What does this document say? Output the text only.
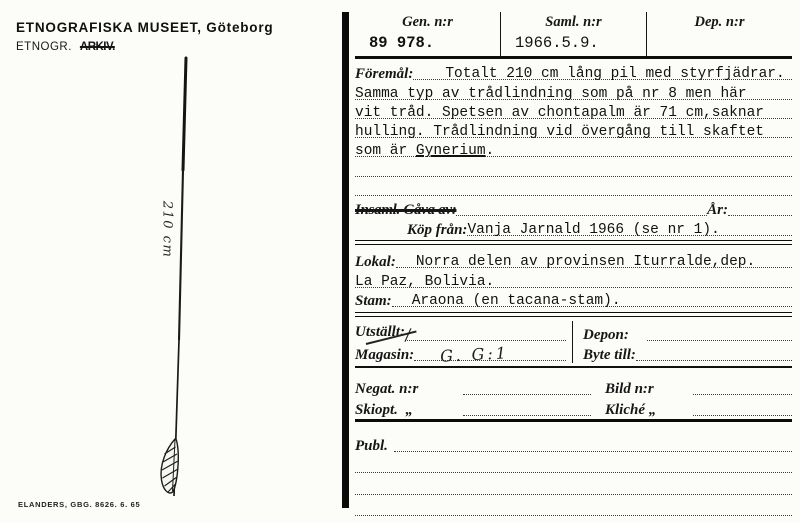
ETNOGRAFISKA MUSEET, Göteborg
ETNOGR. ARKIV.
210 cm
ELANDERS, GBG. 8626. 6. 65
Gen. n:r
89 978.
Saml. n:r
1966.5.9.
Dep. n:r
Föremål:	Totalt 210 cm lång pil med styrfjädrar.
Samma typ av trådlindning som på nr 8 men här
vit tråd. Spetsen av chontapalm är 71 cm,saknar
hulling. Trådlindning vid övergång till skaftet
som är Gynerium.
Insaml. Gåva av:	År:
Köp från: Vanja Jarnald 1966 (se nr 1).
Lokal:	Norra delen av provinsen Iturralde,dep.
La Paz, Bolivia.
Stam:	Araona (en tacana-stam).
Utställt: /
Magasin: G. G:1
Depon:
Byte till:
Negat. n:r	Bild n:r
Skiopt.  „	Kliché „
Publ.
